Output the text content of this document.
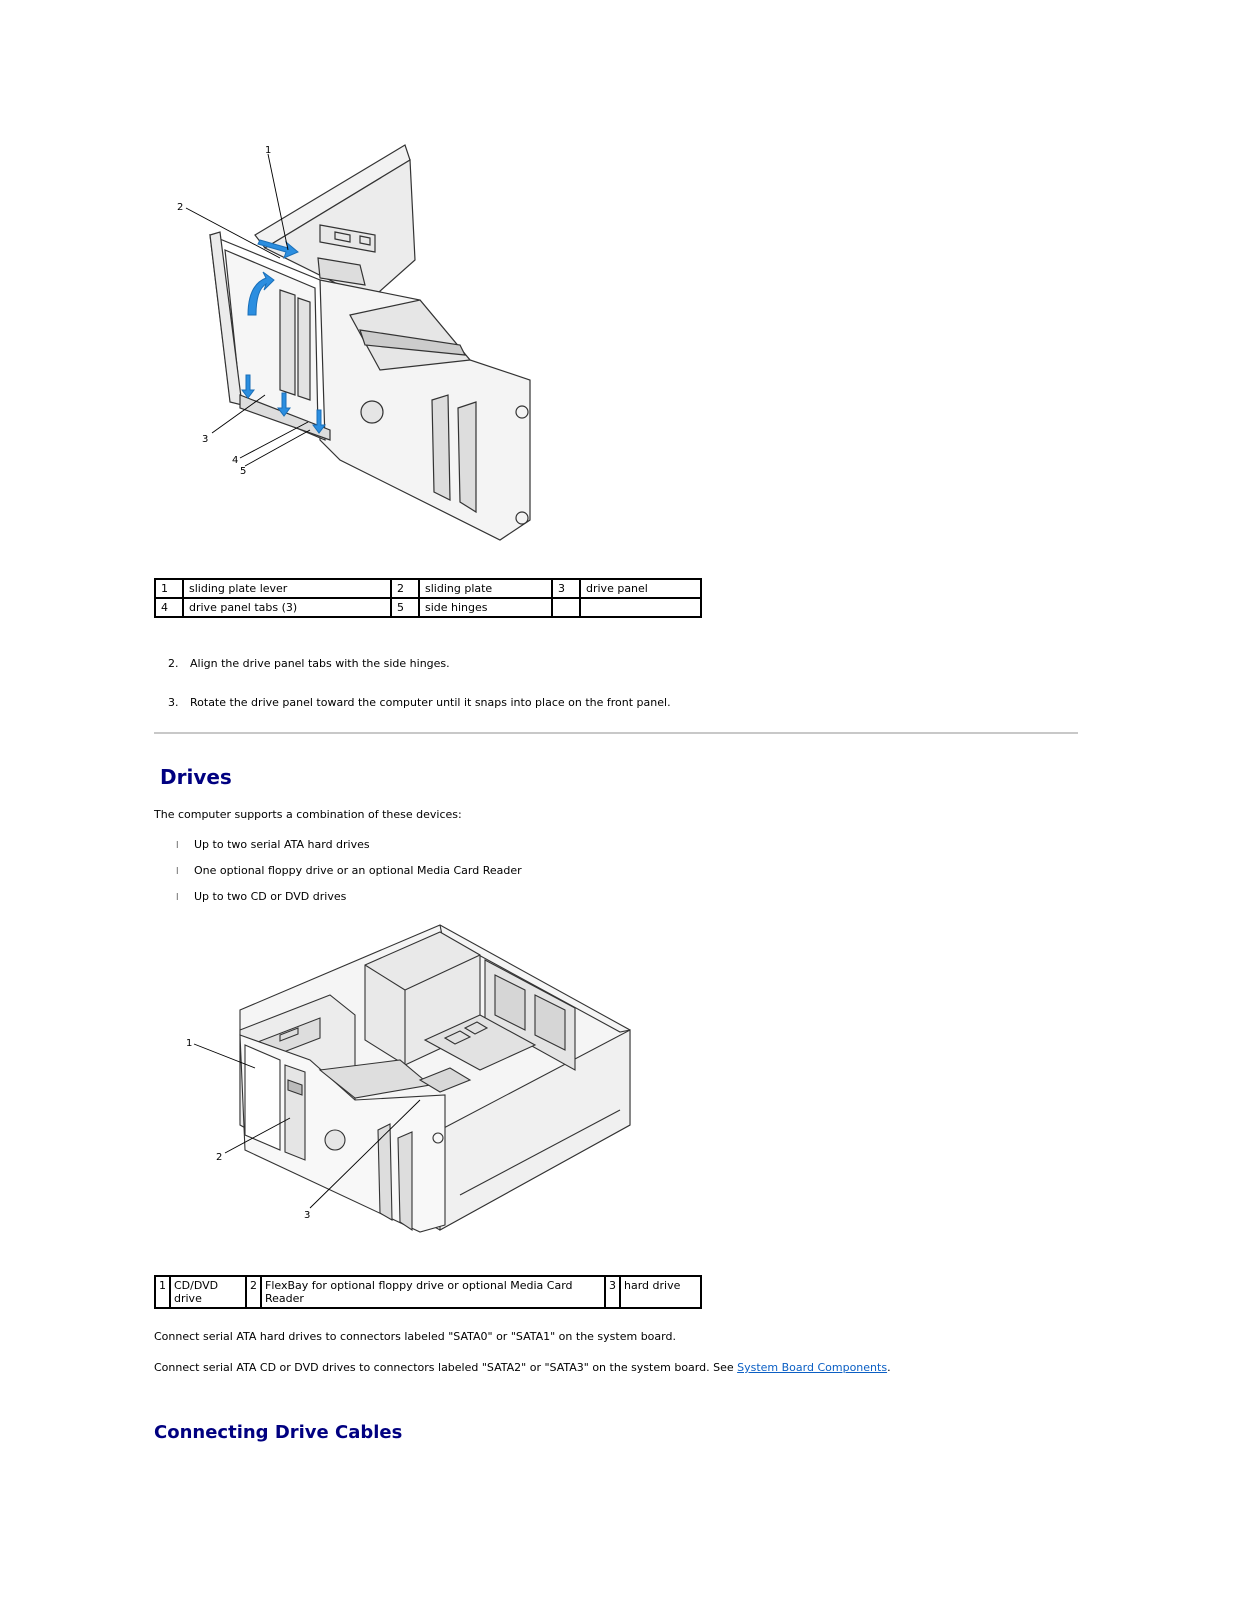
1
2
3
4
5
1	sliding plate lever	2	sliding plate	3	drive panel
4	drive panel tabs (3)	5	side hinges		
2. Align the drive panel tabs with the side hinges.
3. Rotate the drive panel toward the computer until it snaps into place on the front panel.
Drives
The computer supports a combination of these devices:
l Up to two serial ATA hard drives
l One optional floppy drive or an optional Media Card Reader
l Up to two CD or DVD drives
1
2
3
1	CD/DVD drive	2	FlexBay for optional floppy drive or optional Media Card Reader	3	hard drive
Connect serial ATA hard drives to connectors labeled "SATA0" or "SATA1" on the system board.
Connect serial ATA CD or DVD drives to connectors labeled "SATA2" or "SATA3" on the system board. See System Board Components.
Connecting Drive Cables
